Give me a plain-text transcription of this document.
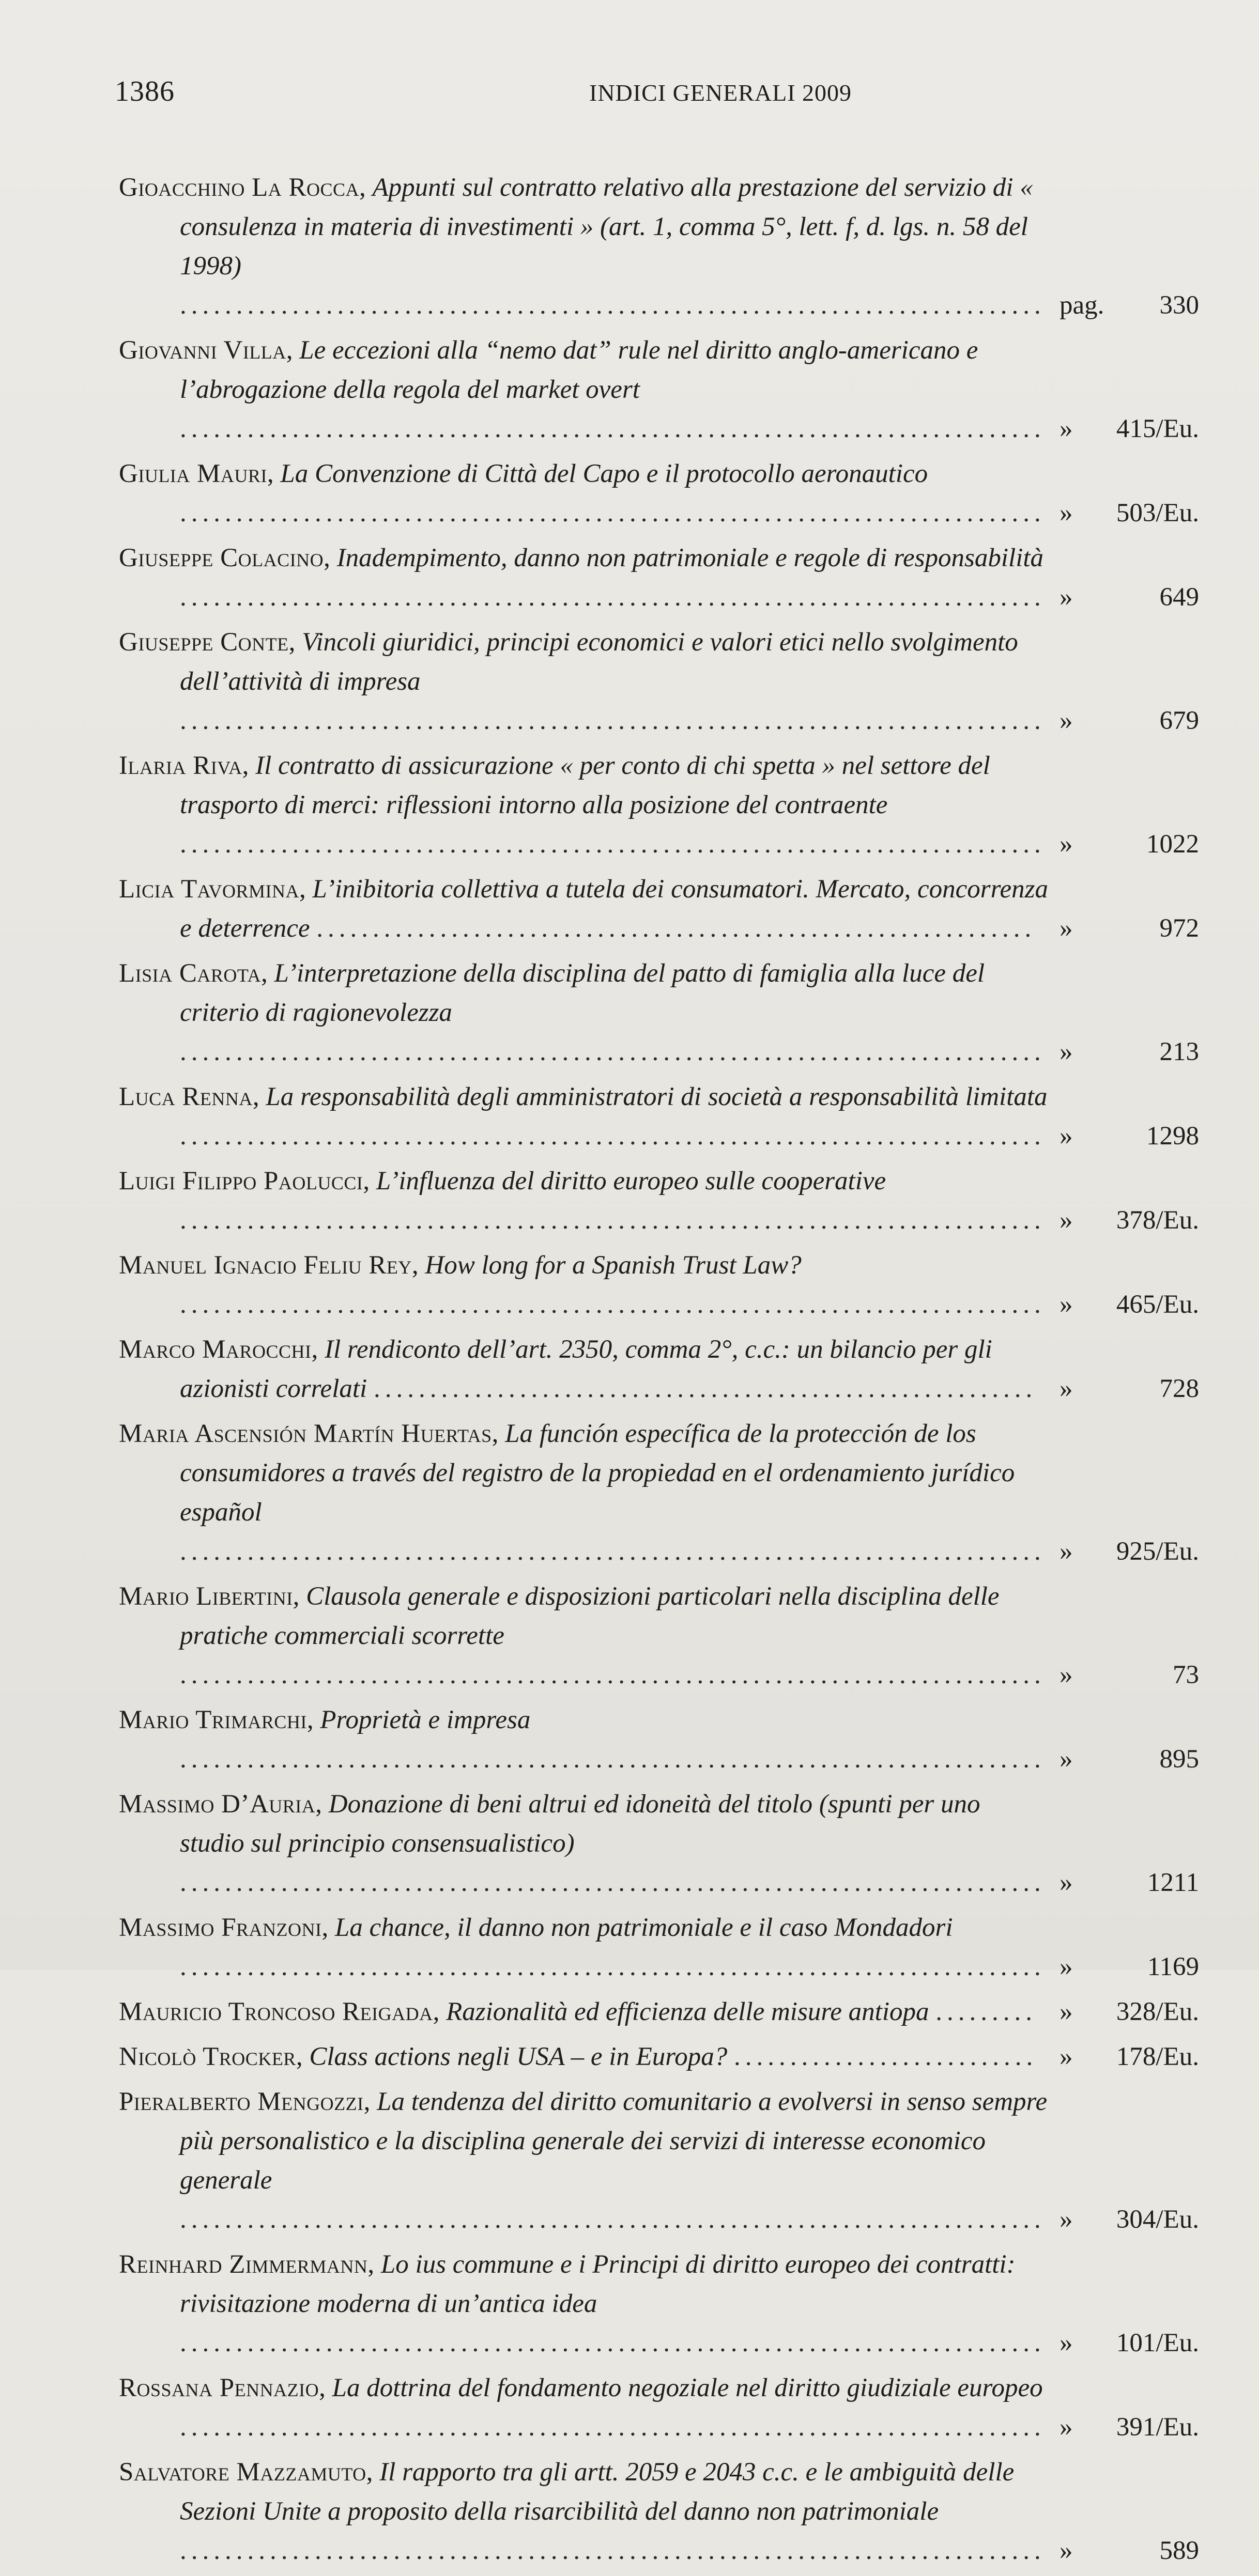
1386	INDICI GENERALI 2009
Gioacchino La Rocca, Appunti sul contratto relativo alla prestazione del servizio di « consulenza in materia di investimenti » (art. 1, comma 5°, lett. f, d. lgs. n. 58 del 1998) ............................................................................. pag. 330
Giovanni Villa, Le eccezioni alla “nemo dat” rule nel diritto anglo-americano e l’abrogazione della regola del market overt ............................................................................. » 415/Eu.
Giulia Mauri, La Convenzione di Città del Capo e il protocollo aeronautico ............................................................................. » 503/Eu.
Giuseppe Colacino, Inadempimento, danno non patrimoniale e regole di responsabilità ............................................................................. »	649
Giuseppe Conte, Vincoli giuridici, principi economici e valori etici nello svolgimento dell’attività di impresa ............................................................................. »	679
Ilaria Riva, Il contratto di assicurazione « per conto di chi spetta » nel settore del trasporto di merci: riflessioni intorno alla posizione del contraente ............................................................................. »	1022
Licia Tavormina, L’inibitoria collettiva a tutela dei consumatori. Mercato, concorrenza e deterrence ................................................................ »	972
Lisia Carota, L’interpretazione della disciplina del patto di famiglia alla luce del criterio di ragionevolezza ............................................................................. »	213
Luca Renna, La responsabilità degli amministratori di società a responsabilità limitata ............................................................................. »	1298
Luigi Filippo Paolucci, L’influenza del diritto europeo sulle cooperative ............................................................................. » 378/Eu.
Manuel Ignacio Feliu Rey, How long for a Spanish Trust Law? ............................................................................. » 465/Eu.
Marco Marocchi, Il rendiconto dell’art. 2350, comma 2°, c.c.: un bilancio per gli azionisti correlati ........................................................... »	728
Maria Ascensión Martín Huertas, La función específica de la protección de los consumidores a través del registro de la propiedad en el ordenamiento jurídico español ............................................................................. » 925/Eu.
Mario Libertini, Clausola generale e disposizioni particolari nella disciplina delle pratiche commerciali scorrette ............................................................................. »	73
Mario Trimarchi, Proprietà e impresa ............................................................................. »	895
Massimo D’Auria, Donazione di beni altrui ed idoneità del titolo (spunti per uno studio sul principio consensualistico) ............................................................................. »	1211
Massimo Franzoni, La chance, il danno non patrimoniale e il caso Mondadori ............................................................................. »	1169
Mauricio Troncoso Reigada, Razionalità ed efficienza delle misure antiopa ......... » 328/Eu.
Nicolò Trocker, Class actions negli USA – e in Europa? ........................... » 178/Eu.
Pieralberto Mengozzi, La tendenza del diritto comunitario a evolversi in senso sempre più personalistico e la disciplina generale dei servizi di interesse economico generale ............................................................................. » 304/Eu.
Reinhard Zimmermann, Lo ius commune e i Principi di diritto europeo dei contratti: rivisitazione moderna di un’antica idea ............................................................................. » 101/Eu.
Rossana Pennazio, La dottrina del fondamento negoziale nel diritto giudiziale europeo ............................................................................. » 391/Eu.
Salvatore Mazzamuto, Il rapporto tra gli artt. 2059 e 2043 c.c. e le ambiguità delle Sezioni Unite a proposito della risarcibilità del danno non patrimoniale ............................................................................. »	589
